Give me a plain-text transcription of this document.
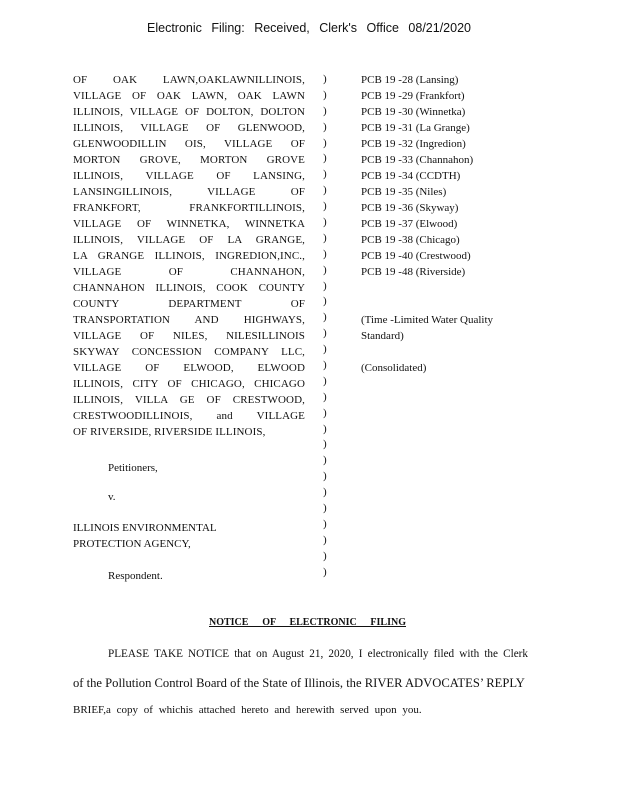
Electronic Filing: Received, Clerk's Office 08/21/2020
OF OAK LAWN,OAKLAWNILLINOIS,
VILLAGE OF OAK LAWN, OAK LAWN
ILLINOIS, VILLAGE OF DOLTON, DOLTON
ILLINOIS, VILLAGE OF GLENWOOD,
GLENWOODILLIN OIS, VILLAGE OF
MORTON GROVE, MORTON GROVE
ILLINOIS, VILLAGE OF LANSING,
LANSINGILLINOIS, VILLAGE OF
FRANKFORT, FRANKFORTILLINOIS,
VILLAGE OF WINNETKA, WINNETKA
ILLINOIS, VILLAGE OF LA GRANGE,
LA GRANGE ILLINOIS, INGREDION,INC.,
VILLAGE OF CHANNAHON,
CHANNAHON ILLINOIS, COOK COUNTY
COUNTY DEPARTMENT OF
TRANSPORTATION AND HIGHWAYS,
VILLAGE OF NILES, NILESILLINOIS
SKYWAY CONCESSION COMPANY LLC,
VILLAGE OF ELWOOD, ELWOOD
ILLINOIS, CITY OF CHICAGO, CHICAGO
ILLINOIS, VILLA GE OF CRESTWOOD,
CRESTWOODILLINOIS, and VILLAGE
OF RIVERSIDE, RIVERSIDE ILLINOIS,
)
)
)
)
)
)
)
)
)
)
)
)
)
)
)
)
)
)
)
)
)
)
)
)
)
)
)
)
)
)
)
)
PCB 19 -28 (Lansing)
PCB 19 -29 (Frankfort)
PCB 19 -30 (Winnetka)
PCB 19 -31 (La Grange)
PCB 19 -32 (Ingredion)
PCB 19 -33 (Channahon)
PCB 19 -34 (CCDTH)
PCB 19 -35 (Niles)
PCB 19 -36 (Skyway)
PCB 19 -37 (Elwood)
PCB 19 -38 (Chicago)
PCB 19 -40 (Crestwood)
PCB 19 -48 (Riverside)
(Time -Limited Water Quality Standard)
(Consolidated)
Petitioners,
v.
ILLINOIS ENVIRONMENTAL
PROTECTION AGENCY,
Respondent.
NOTICE OF ELECTRONIC FILING
PLEASE TAKE NOTICE that on August 21, 2020, I electronically filed with the Clerk
of the Pollution Control Board of the State of Illinois, the RIVER ADVOCATES’ REPLY
BRIEF,a copy of whichis attached hereto and herewith served upon you.
